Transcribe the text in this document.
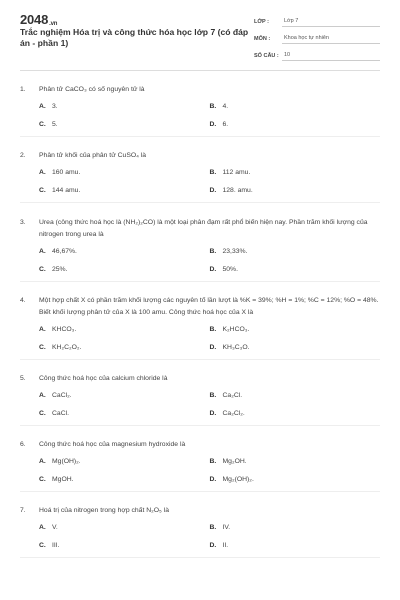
2048.vn
Trắc nghiệm Hóa trị và công thức hóa học lớp 7 (có đáp án - phần 1)
LỚP :	Lớp 7
MÔN :	Khoa học tự nhiên
SỐ CÂU : 10
1.	Phân tử CaCO₃ có số nguyên tử là
A. 3.	B. 4.
C. 5.	D. 6.
2.	Phân tử khối của phân tử CuSO₄ là
A. 160 amu.	B. 112 amu.
C. 144 amu.	D. 128. amu.
3.	Urea (công thức hoá học là (NH₂)₂CO) là một loại phân đạm rất phổ biến hiện nay. Phần trăm khối lượng của nitrogen trong urea là
A. 46,67%.	B. 23,33%.
C. 25%.	D. 50%.
4.	Một hợp chất X có phần trăm khối lượng các nguyên tố lần lượt là %K = 39%; %H = 1%; %C = 12%; %O = 48%. Biết khối lượng phân tử của X là 100 amu. Công thức hoá học của X là
A. KHCO₃.	B. K₂HCO₃.
C. KH₂C₂O₂.	D. KH₃C₃O.
5.	Công thức hoá học của calcium chloride là
A. CaCl₂.	B. Ca₂Cl.
C. CaCl.	D. Ca₂Cl₂.
6.	Công thức hoá học của magnesium hydroxide là
A. Mg(OH)₂.	B. Mg₂OH.
C. MgOH.	D. Mg₂(OH)₂.
7.	Hoá trị của nitrogen trong hợp chất N₂O₅ là
A. V.	B. IV.
C. III.	D. II.
